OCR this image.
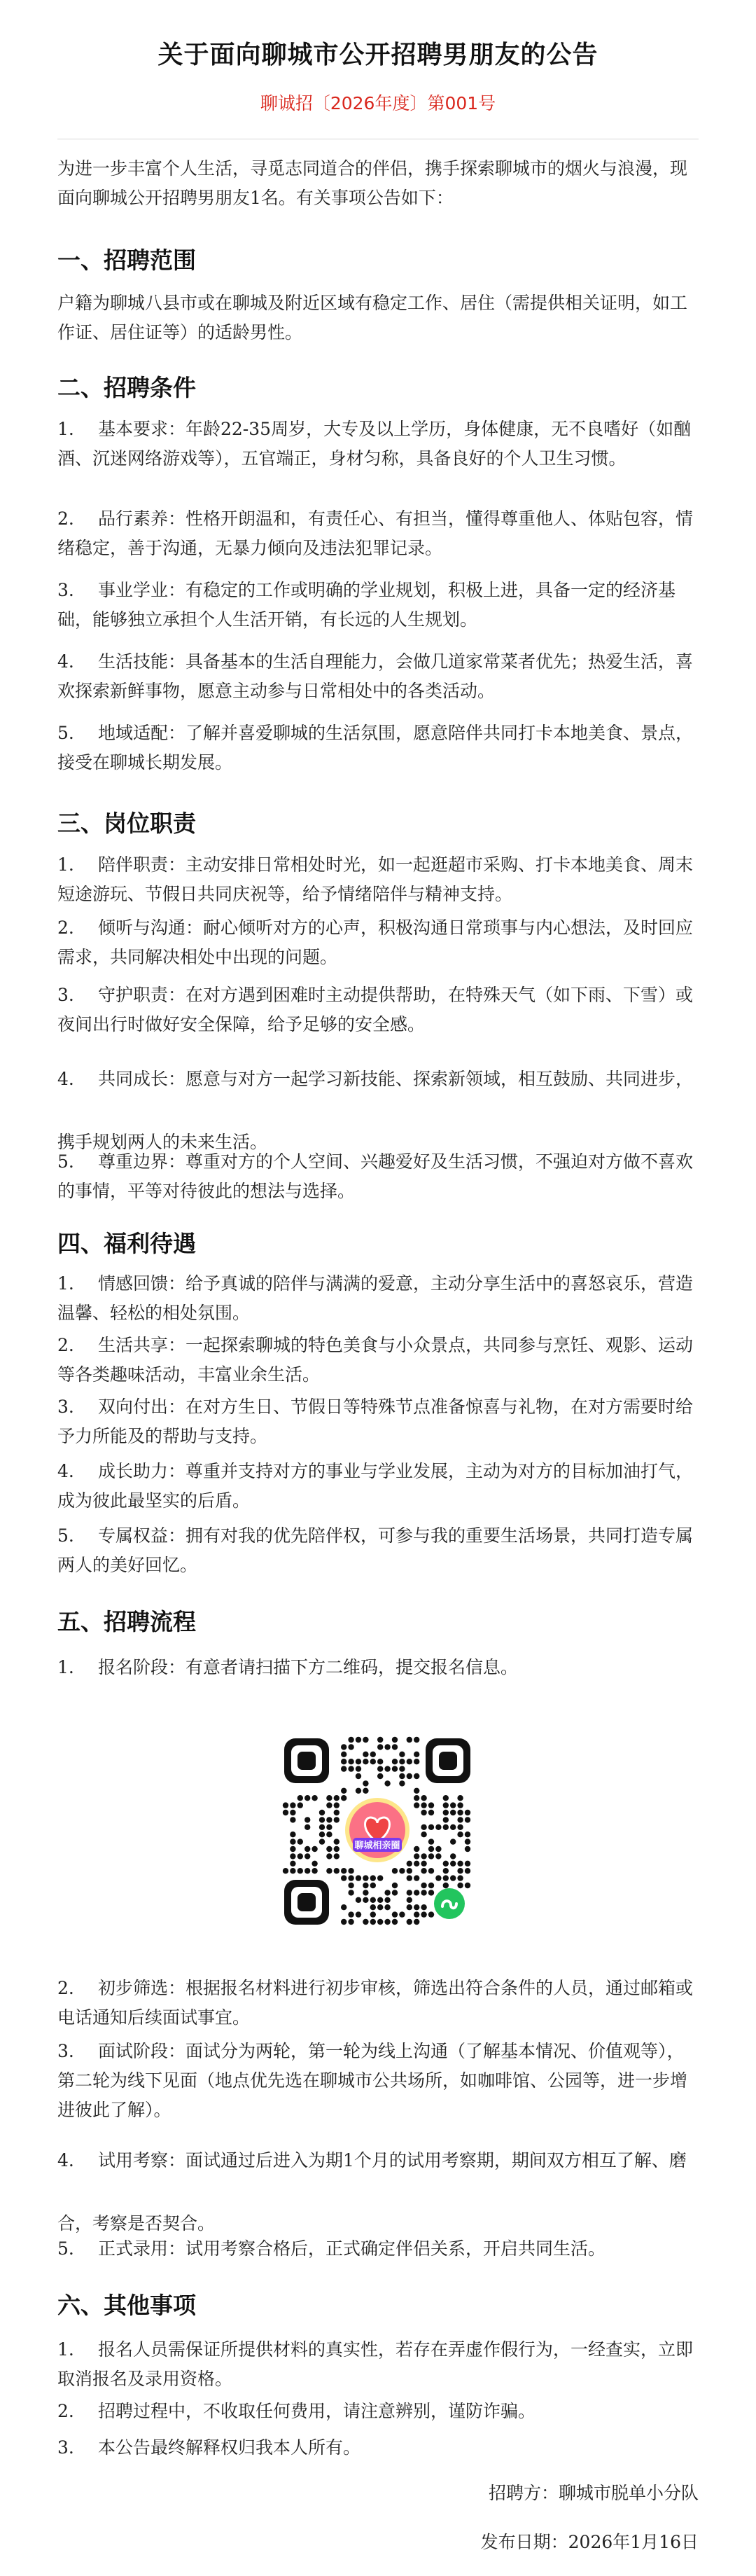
关于面向聊城市公开招聘男朋友的公告
聊诚招〔2026年度〕第001号
为进一步丰富个人生活，寻觅志同道合的伴侣，携手探索聊城市的烟火与浪漫，现面向聊城公开招聘男朋友1名。有关事项公告如下：
一、招聘范围
户籍为聊城八县市或在聊城及附近区域有稳定工作、居住（需提供相关证明，如工作证、居住证等）的适龄男性。
二、招聘条件
1. 基本要求：年龄22-35周岁，大专及以上学历，身体健康，无不良嗜好（如酗酒、沉迷网络游戏等），五官端正，身材匀称，具备良好的个人卫生习惯。
2. 品行素养：性格开朗温和，有责任心、有担当，懂得尊重他人、体贴包容，情绪稳定，善于沟通，无暴力倾向及违法犯罪记录。
3. 事业学业：有稳定的工作或明确的学业规划，积极上进，具备一定的经济基础，能够独立承担个人生活开销，有长远的人生规划。
4. 生活技能：具备基本的生活自理能力，会做几道家常菜者优先；热爱生活，喜欢探索新鲜事物，愿意主动参与日常相处中的各类活动。
5. 地域适配：了解并喜爱聊城的生活氛围，愿意陪伴共同打卡本地美食、景点，接受在聊城长期发展。
三、岗位职责
1. 陪伴职责：主动安排日常相处时光，如一起逛超市采购、打卡本地美食、周末短途游玩、节假日共同庆祝等，给予情绪陪伴与精神支持。
2. 倾听与沟通：耐心倾听对方的心声，积极沟通日常琐事与内心想法，及时回应需求，共同解决相处中出现的问题。
3. 守护职责：在对方遇到困难时主动提供帮助，在特殊天气（如下雨、下雪）或夜间出行时做好安全保障，给予足够的安全感。
4. 共同成长：愿意与对方一起学习新技能、探索新领域，相互鼓励、共同进步，携手规划两人的未来生活。
5. 尊重边界：尊重对方的个人空间、兴趣爱好及生活习惯，不强迫对方做不喜欢的事情，平等对待彼此的想法与选择。
四、福利待遇
1. 情感回馈：给予真诚的陪伴与满满的爱意，主动分享生活中的喜怒哀乐，营造温馨、轻松的相处氛围。
2. 生活共享：一起探索聊城的特色美食与小众景点，共同参与烹饪、观影、运动等各类趣味活动，丰富业余生活。
3. 双向付出：在对方生日、节假日等特殊节点准备惊喜与礼物，在对方需要时给予力所能及的帮助与支持。
4. 成长助力：尊重并支持对方的事业与学业发展，主动为对方的目标加油打气，成为彼此最坚实的后盾。
5. 专属权益：拥有对我的优先陪伴权，可参与我的重要生活场景，共同打造专属两人的美好回忆。
五、招聘流程
1. 报名阶段：有意者请扫描下方二维码，提交报名信息。
聊城相亲圈
2. 初步筛选：根据报名材料进行初步审核，筛选出符合条件的人员，通过邮箱或电话通知后续面试事宜。
3. 面试阶段：面试分为两轮，第一轮为线上沟通（了解基本情况、价值观等），第二轮为线下见面（地点优先选在聊城市公共场所，如咖啡馆、公园等，进一步增进彼此了解）。
4. 试用考察：面试通过后进入为期1个月的试用考察期，期间双方相互了解、磨合，考察是否契合。
5. 正式录用：试用考察合格后，正式确定伴侣关系，开启共同生活。
六、其他事项
1. 报名人员需保证所提供材料的真实性，若存在弄虚作假行为，一经查实，立即取消报名及录用资格。
2. 招聘过程中，不收取任何费用，请注意辨别，谨防诈骗。
3. 本公告最终解释权归我本人所有。
招聘方：聊城市脱单小分队
发布日期：2026年1月16日
